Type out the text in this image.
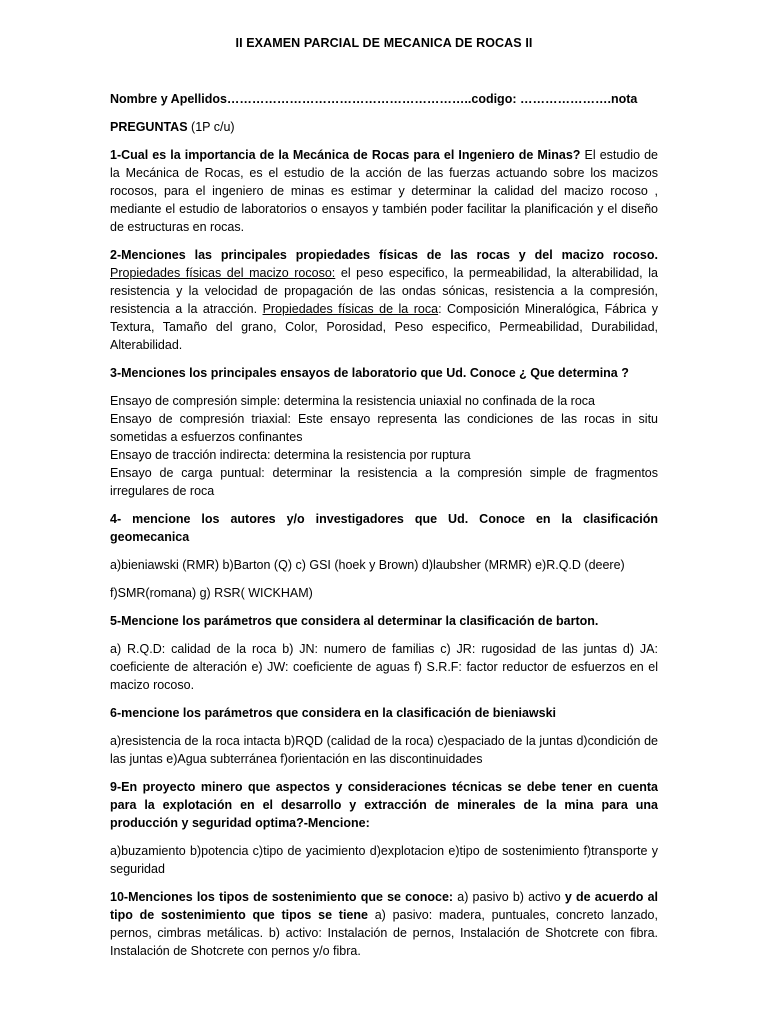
II EXAMEN PARCIAL DE MECANICA DE ROCAS II

Nombre y Apellidos…………………………………………………..codigo: ………………….nota

PREGUNTAS (1P c/u)

1-Cual es la importancia de la Mecánica de Rocas para el Ingeniero de Minas? El estudio de la Mecánica de Rocas, es el estudio de la acción de las fuerzas actuando sobre los macizos rocosos, para el ingeniero de minas es estimar y determinar la calidad del macizo rocoso , mediante el estudio de laboratorios o ensayos y también poder facilitar la planificación y el diseño de estructuras en rocas.

2-Menciones las principales propiedades físicas de las rocas y del macizo rocoso. Propiedades físicas del macizo rocoso: el peso especifico, la permeabilidad, la alterabilidad, la resistencia y la velocidad de propagación de las ondas sónicas, resistencia a la compresión, resistencia a la atracción. Propiedades físicas de la roca: Composición Mineralógica, Fábrica y Textura, Tamaño del grano, Color, Porosidad, Peso especifico, Permeabilidad, Durabilidad, Alterabilidad.

3-Menciones los principales ensayos de laboratorio que Ud. Conoce ¿ Que determina ?

Ensayo de compresión simple: determina la resistencia uniaxial no confinada de la roca

Ensayo de compresión triaxial: Este ensayo representa las condiciones de las rocas in situ sometidas a esfuerzos confinantes

Ensayo de tracción indirecta: determina la resistencia por ruptura

Ensayo de carga puntual: determinar la resistencia a la compresión simple de fragmentos irregulares de roca

4- mencione los autores y/o investigadores que Ud. Conoce en la clasificación geomecanica

a)bieniawski (RMR) b)Barton (Q) c) GSI (hoek y Brown) d)laubsher (MRMR) e)R.Q.D (deere)

f)SMR(romana) g) RSR( WICKHAM)

5-Mencione los parámetros que considera al determinar la clasificación de barton.

a) R.Q.D: calidad de la roca b) JN: numero de familias c) JR: rugosidad de las juntas d) JA: coeficiente de alteración e) JW: coeficiente de aguas f) S.R.F: factor reductor de esfuerzos en el macizo rocoso.

6-mencione los parámetros que considera en la clasificación de bieniawski

a)resistencia de la roca intacta b)RQD (calidad de la roca) c)espaciado de la juntas d)condición de las juntas e)Agua subterránea f)orientación en las discontinuidades

9-En proyecto minero que aspectos y consideraciones técnicas se debe tener en cuenta para la explotación en el desarrollo y extracción de minerales de la mina para una producción y seguridad optima?-Mencione:

a)buzamiento b)potencia c)tipo de yacimiento d)explotacion e)tipo de sostenimiento f)transporte y seguridad

10-Menciones los tipos de sostenimiento que se conoce: a) pasivo b) activo y de acuerdo al tipo de sostenimiento que tipos se tiene a) pasivo: madera, puntuales, concreto lanzado, pernos, cimbras metálicas. b) activo: Instalación de pernos, Instalación de Shotcrete con fibra. Instalación de Shotcrete con pernos y/o fibra.
